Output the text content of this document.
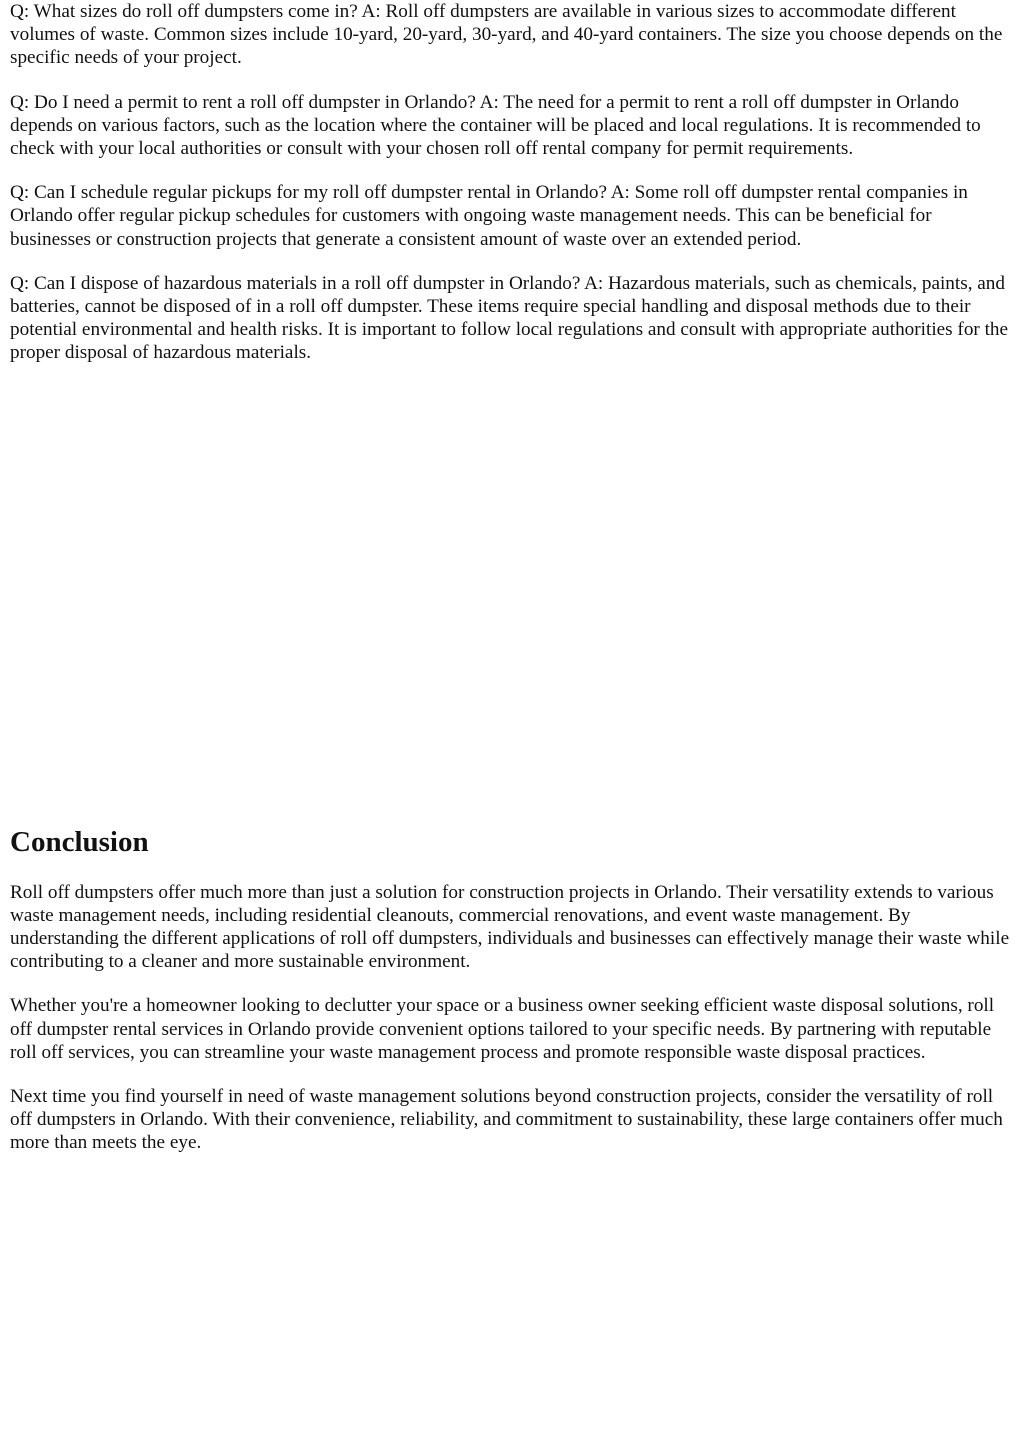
Q: What sizes do roll off dumpsters come in? A: Roll off dumpsters are available in various sizes to accommodate different volumes of waste. Common sizes include 10-yard, 20-yard, 30-yard, and 40-yard containers. The size you choose depends on the specific needs of your project.

Q: Do I need a permit to rent a roll off dumpster in Orlando? A: The need for a permit to rent a roll off dumpster in Orlando depends on various factors, such as the location where the container will be placed and local regulations. It is recommended to check with your local authorities or consult with your chosen roll off rental company for permit requirements.

Q: Can I schedule regular pickups for my roll off dumpster rental in Orlando? A: Some roll off dumpster rental companies in Orlando offer regular pickup schedules for customers with ongoing waste management needs. This can be beneficial for businesses or construction projects that generate a consistent amount of waste over an extended period.

Q: Can I dispose of hazardous materials in a roll off dumpster in Orlando? A: Hazardous materials, such as chemicals, paints, and batteries, cannot be disposed of in a roll off dumpster. These items require special handling and disposal methods due to their potential environmental and health risks. It is important to follow local regulations and consult with appropriate authorities for the proper disposal of hazardous materials.

Conclusion

Roll off dumpsters offer much more than just a solution for construction projects in Orlando. Their versatility extends to various waste management needs, including residential cleanouts, commercial renovations, and event waste management. By understanding the different applications of roll off dumpsters, individuals and businesses can effectively manage their waste while contributing to a cleaner and more sustainable environment.

Whether you're a homeowner looking to declutter your space or a business owner seeking efficient waste disposal solutions, roll off dumpster rental services in Orlando provide convenient options tailored to your specific needs. By partnering with reputable roll off services, you can streamline your waste management process and promote responsible waste disposal practices.

Next time you find yourself in need of waste management solutions beyond construction projects, consider the versatility of roll off dumpsters in Orlando. With their convenience, reliability, and commitment to sustainability, these large containers offer much more than meets the eye.
